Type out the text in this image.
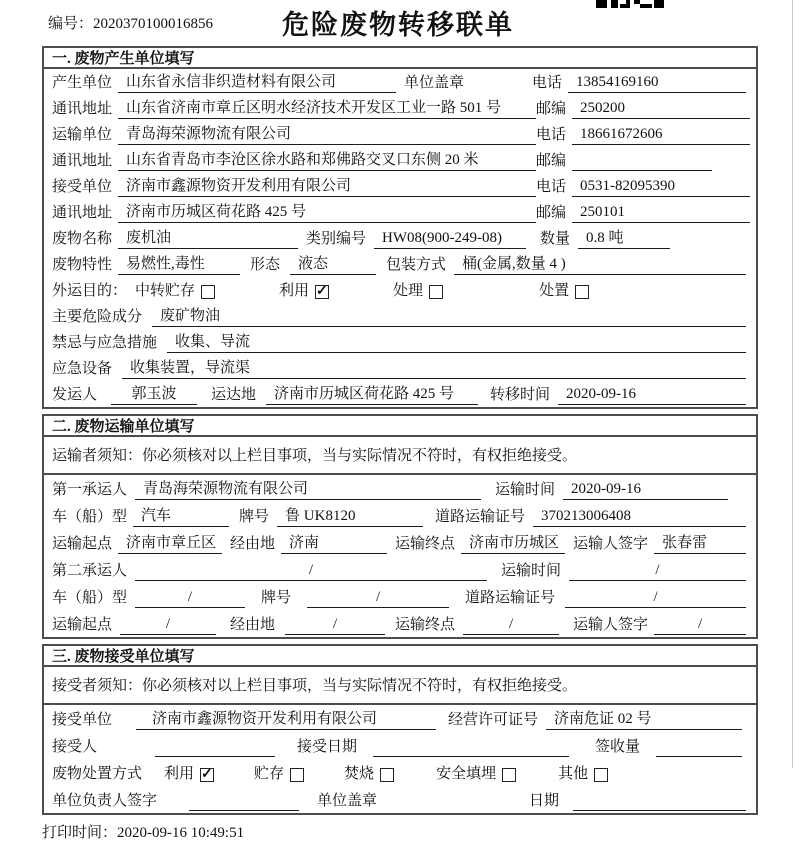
编号：2020370100016856	危险废物转移联单
一. 废物产生单位填写
产生单位 山东省永信非织造材料有限公司	单位盖章	电话 13854169160
通讯地址 山东省济南市章丘区明水经济技术开发区工业一路 501 号	邮编 250200
运输单位 青岛海荣源物流有限公司	电话 18661672606
通讯地址 山东省青岛市李沧区徐水路和郑佛路交叉口东侧 20 米	邮编
接受单位 济南市鑫源物资开发利用有限公司	电话 0531-82095390
通讯地址 济南市历城区荷花路 425 号	邮编 250101
废物名称 废机油	类别编号	HW08(900-249-08)	数量	0.8 吨
废物特性 易燃性,毒性	形态	液态	包装方式	桶(金属,数量 4 )
外运目的： 中转贮存	利用 ✓	处理	处置
主要危险成分	废矿物油
禁忌与应急措施	收集、导流
应急设备	收集装置，导流渠
发运人	郭玉波	运达地	济南市历城区荷花路 425 号	转移时间	2020-09-16
二. 废物运输单位填写
运输者须知：你必须核对以上栏目事项，当与实际情况不符时，有权拒绝接受。
第一承运人	青岛海荣源物流有限公司	运输时间	2020-09-16
车（船）型 汽车	牌号	鲁 UK8120	道路运输证号	370213006408
运输起点 济南市章丘区 经由地 济南	运输终点 济南市历城区 运输人签字 张春雷
第二承运人	/	运输时间	/
车（船）型	/	牌号	/	道路运输证号	/
运输起点	/	经由地	/	运输终点	/	运输人签字	/
三. 废物接受单位填写
接受者须知：你必须核对以上栏目事项，当与实际情况不符时，有权拒绝接受。
接受单位	济南市鑫源物资开发利用有限公司	经营许可证号	济南危证 02 号
接受人	接受日期	签收量
废物处置方式 利用 ✓	贮存	焚烧	安全填埋	其他
单位负责人签字	单位盖章	日期
打印时间：2020-09-16 10:49:51
